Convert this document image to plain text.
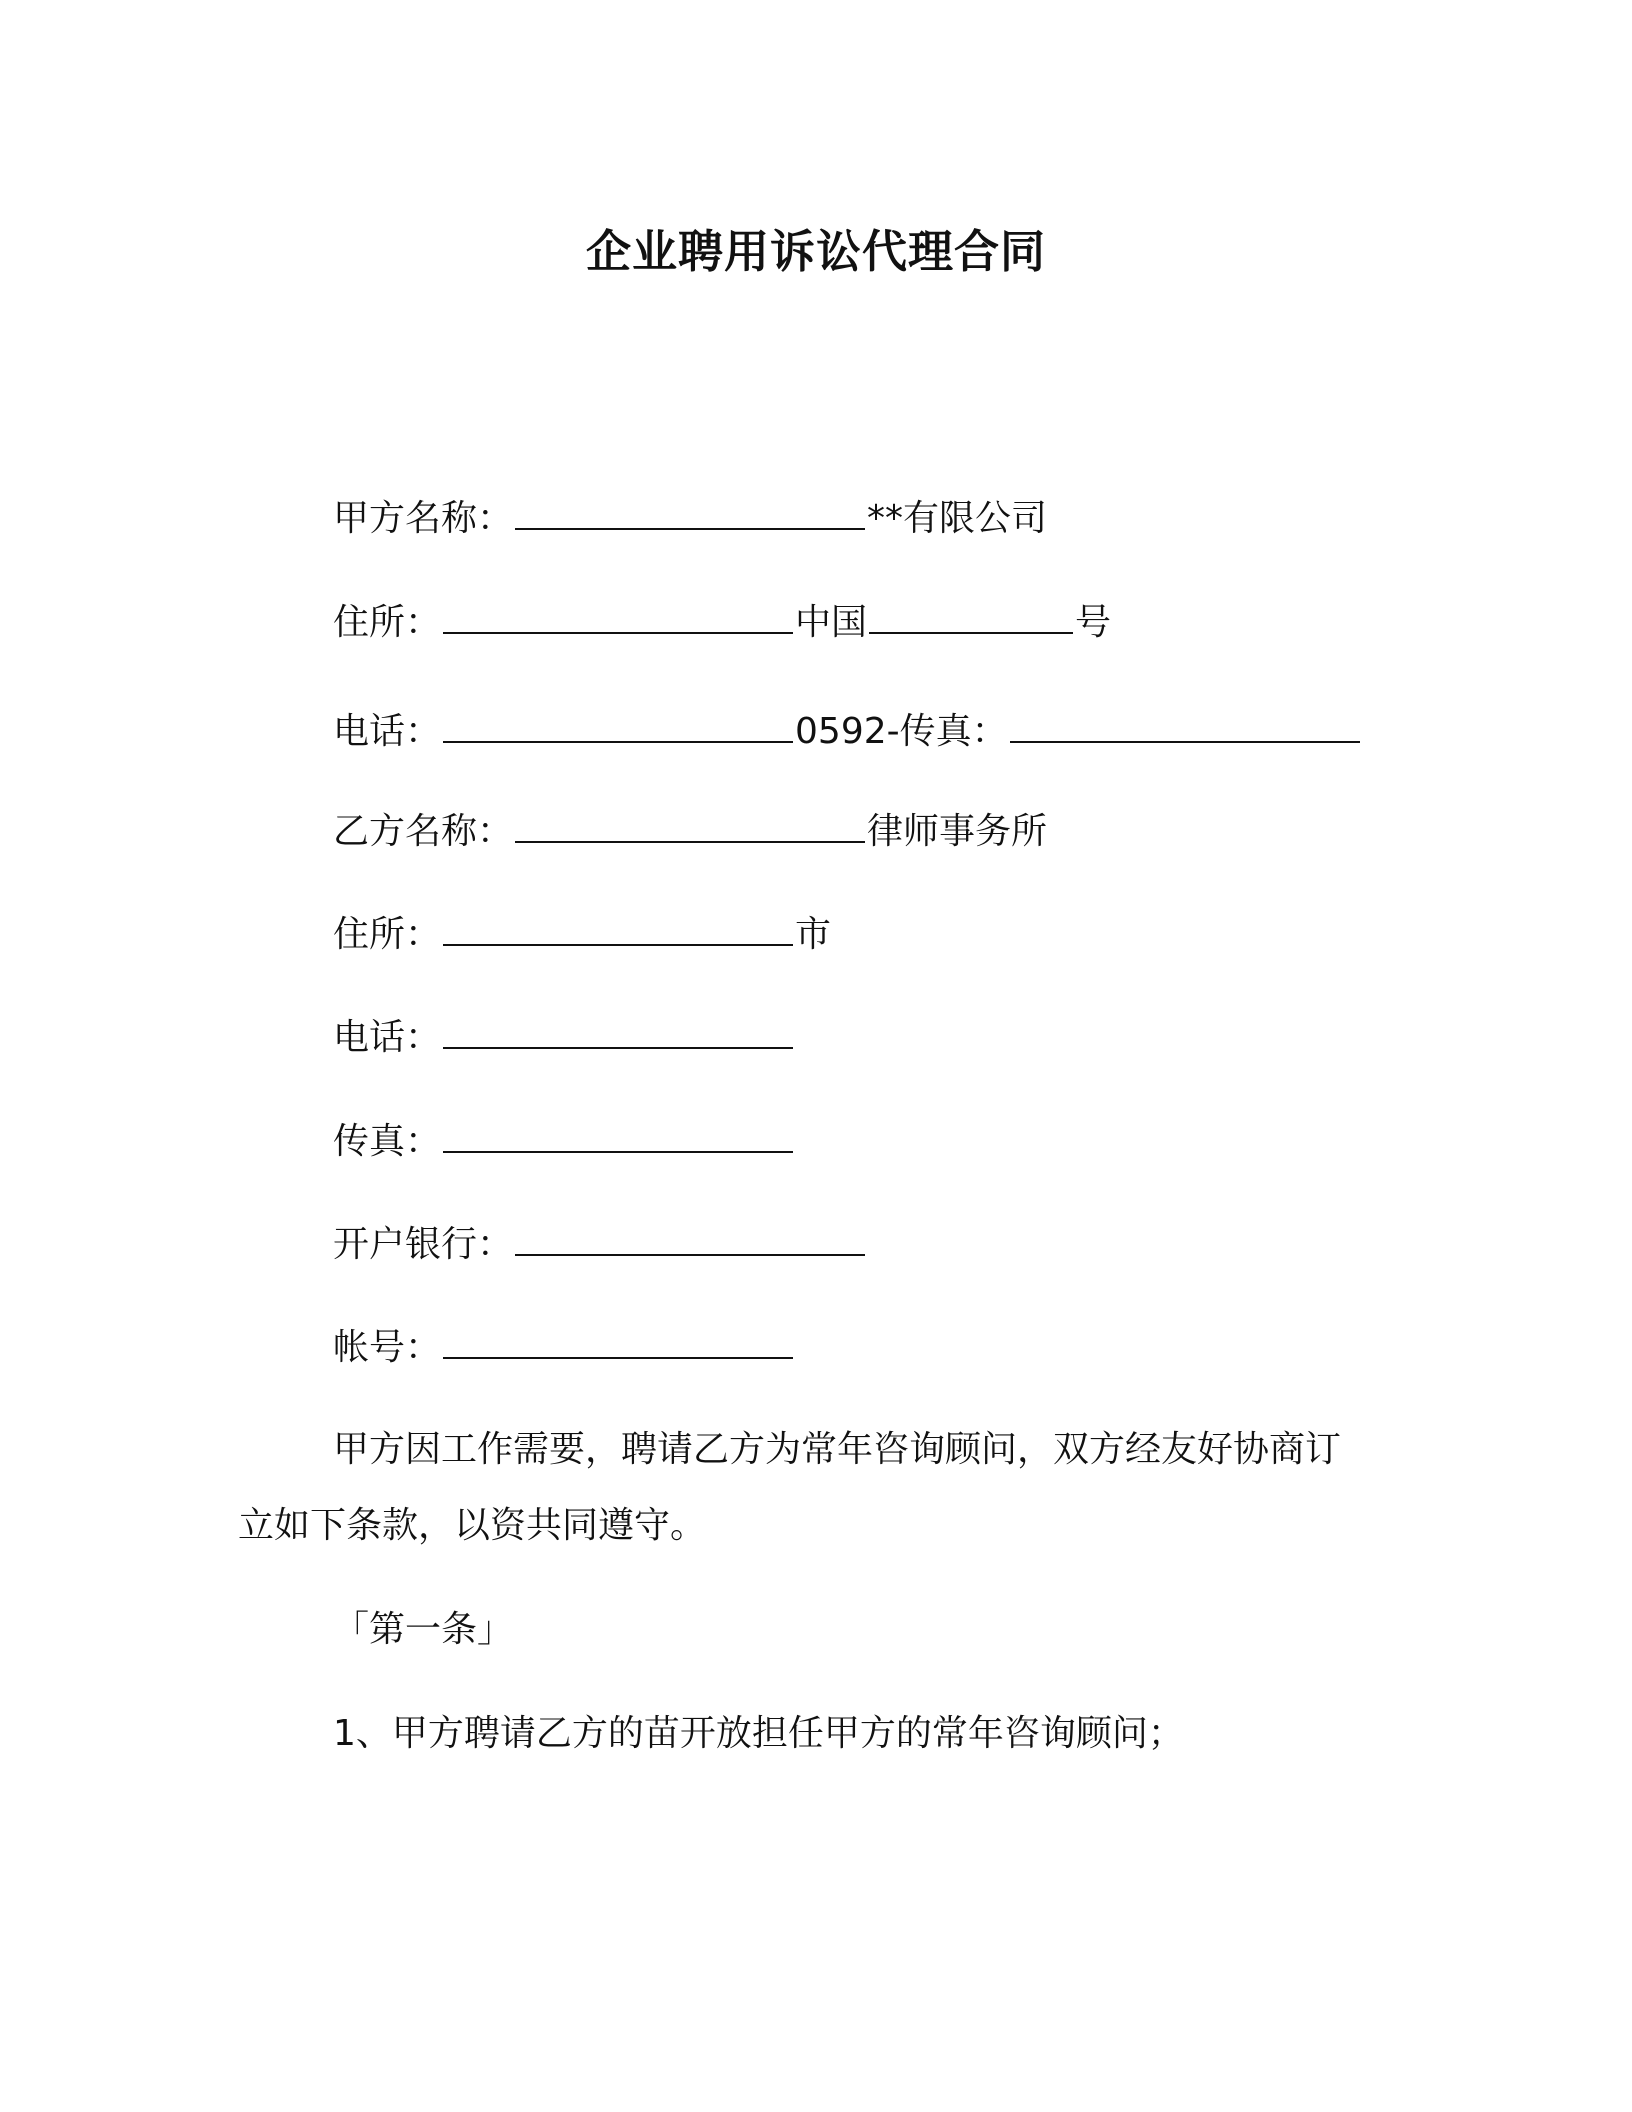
企业聘用诉讼代理合同
甲方名称：	**有限公司
住所：	中国	号
电话：	0592-传真：
乙方名称：	律师事务所
住所：	市
电话：
传真：
开户银行：
帐号：
甲方因工作需要，聘请乙方为常年咨询顾问，双方经友好协商订
立如下条款，以资共同遵守。
「第一条」
1、甲方聘请乙方的苗开放担任甲方的常年咨询顾问；
